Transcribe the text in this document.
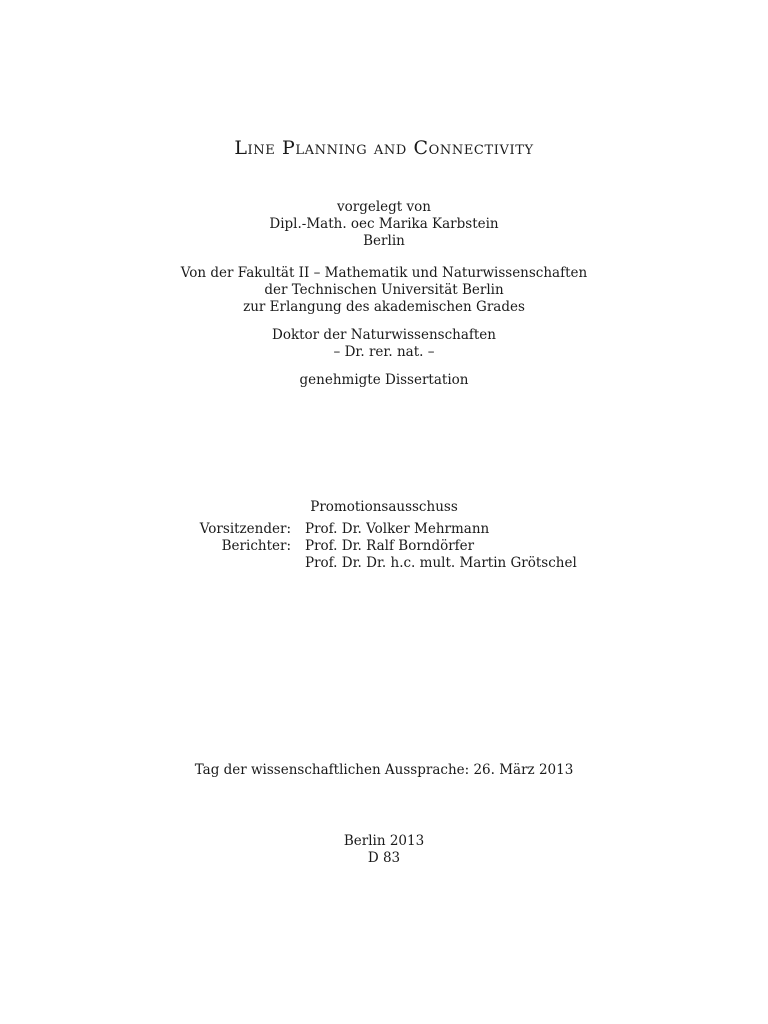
Line Planning and Connectivity
vorgelegt von
Dipl.-Math. oec Marika Karbstein
Berlin
Von der Fakultät II – Mathematik und Naturwissenschaften
der Technischen Universität Berlin
zur Erlangung des akademischen Grades
Doktor der Naturwissenschaften
– Dr. rer. nat. –
genehmigte Dissertation
Promotionsausschuss
Vorsitzender: Prof. Dr. Volker Mehrmann
Berichter: Prof. Dr. Ralf Borndörfer
Prof. Dr. Dr. h.c. mult. Martin Grötschel
Tag der wissenschaftlichen Aussprache: 26. März 2013
Berlin 2013
D 83
